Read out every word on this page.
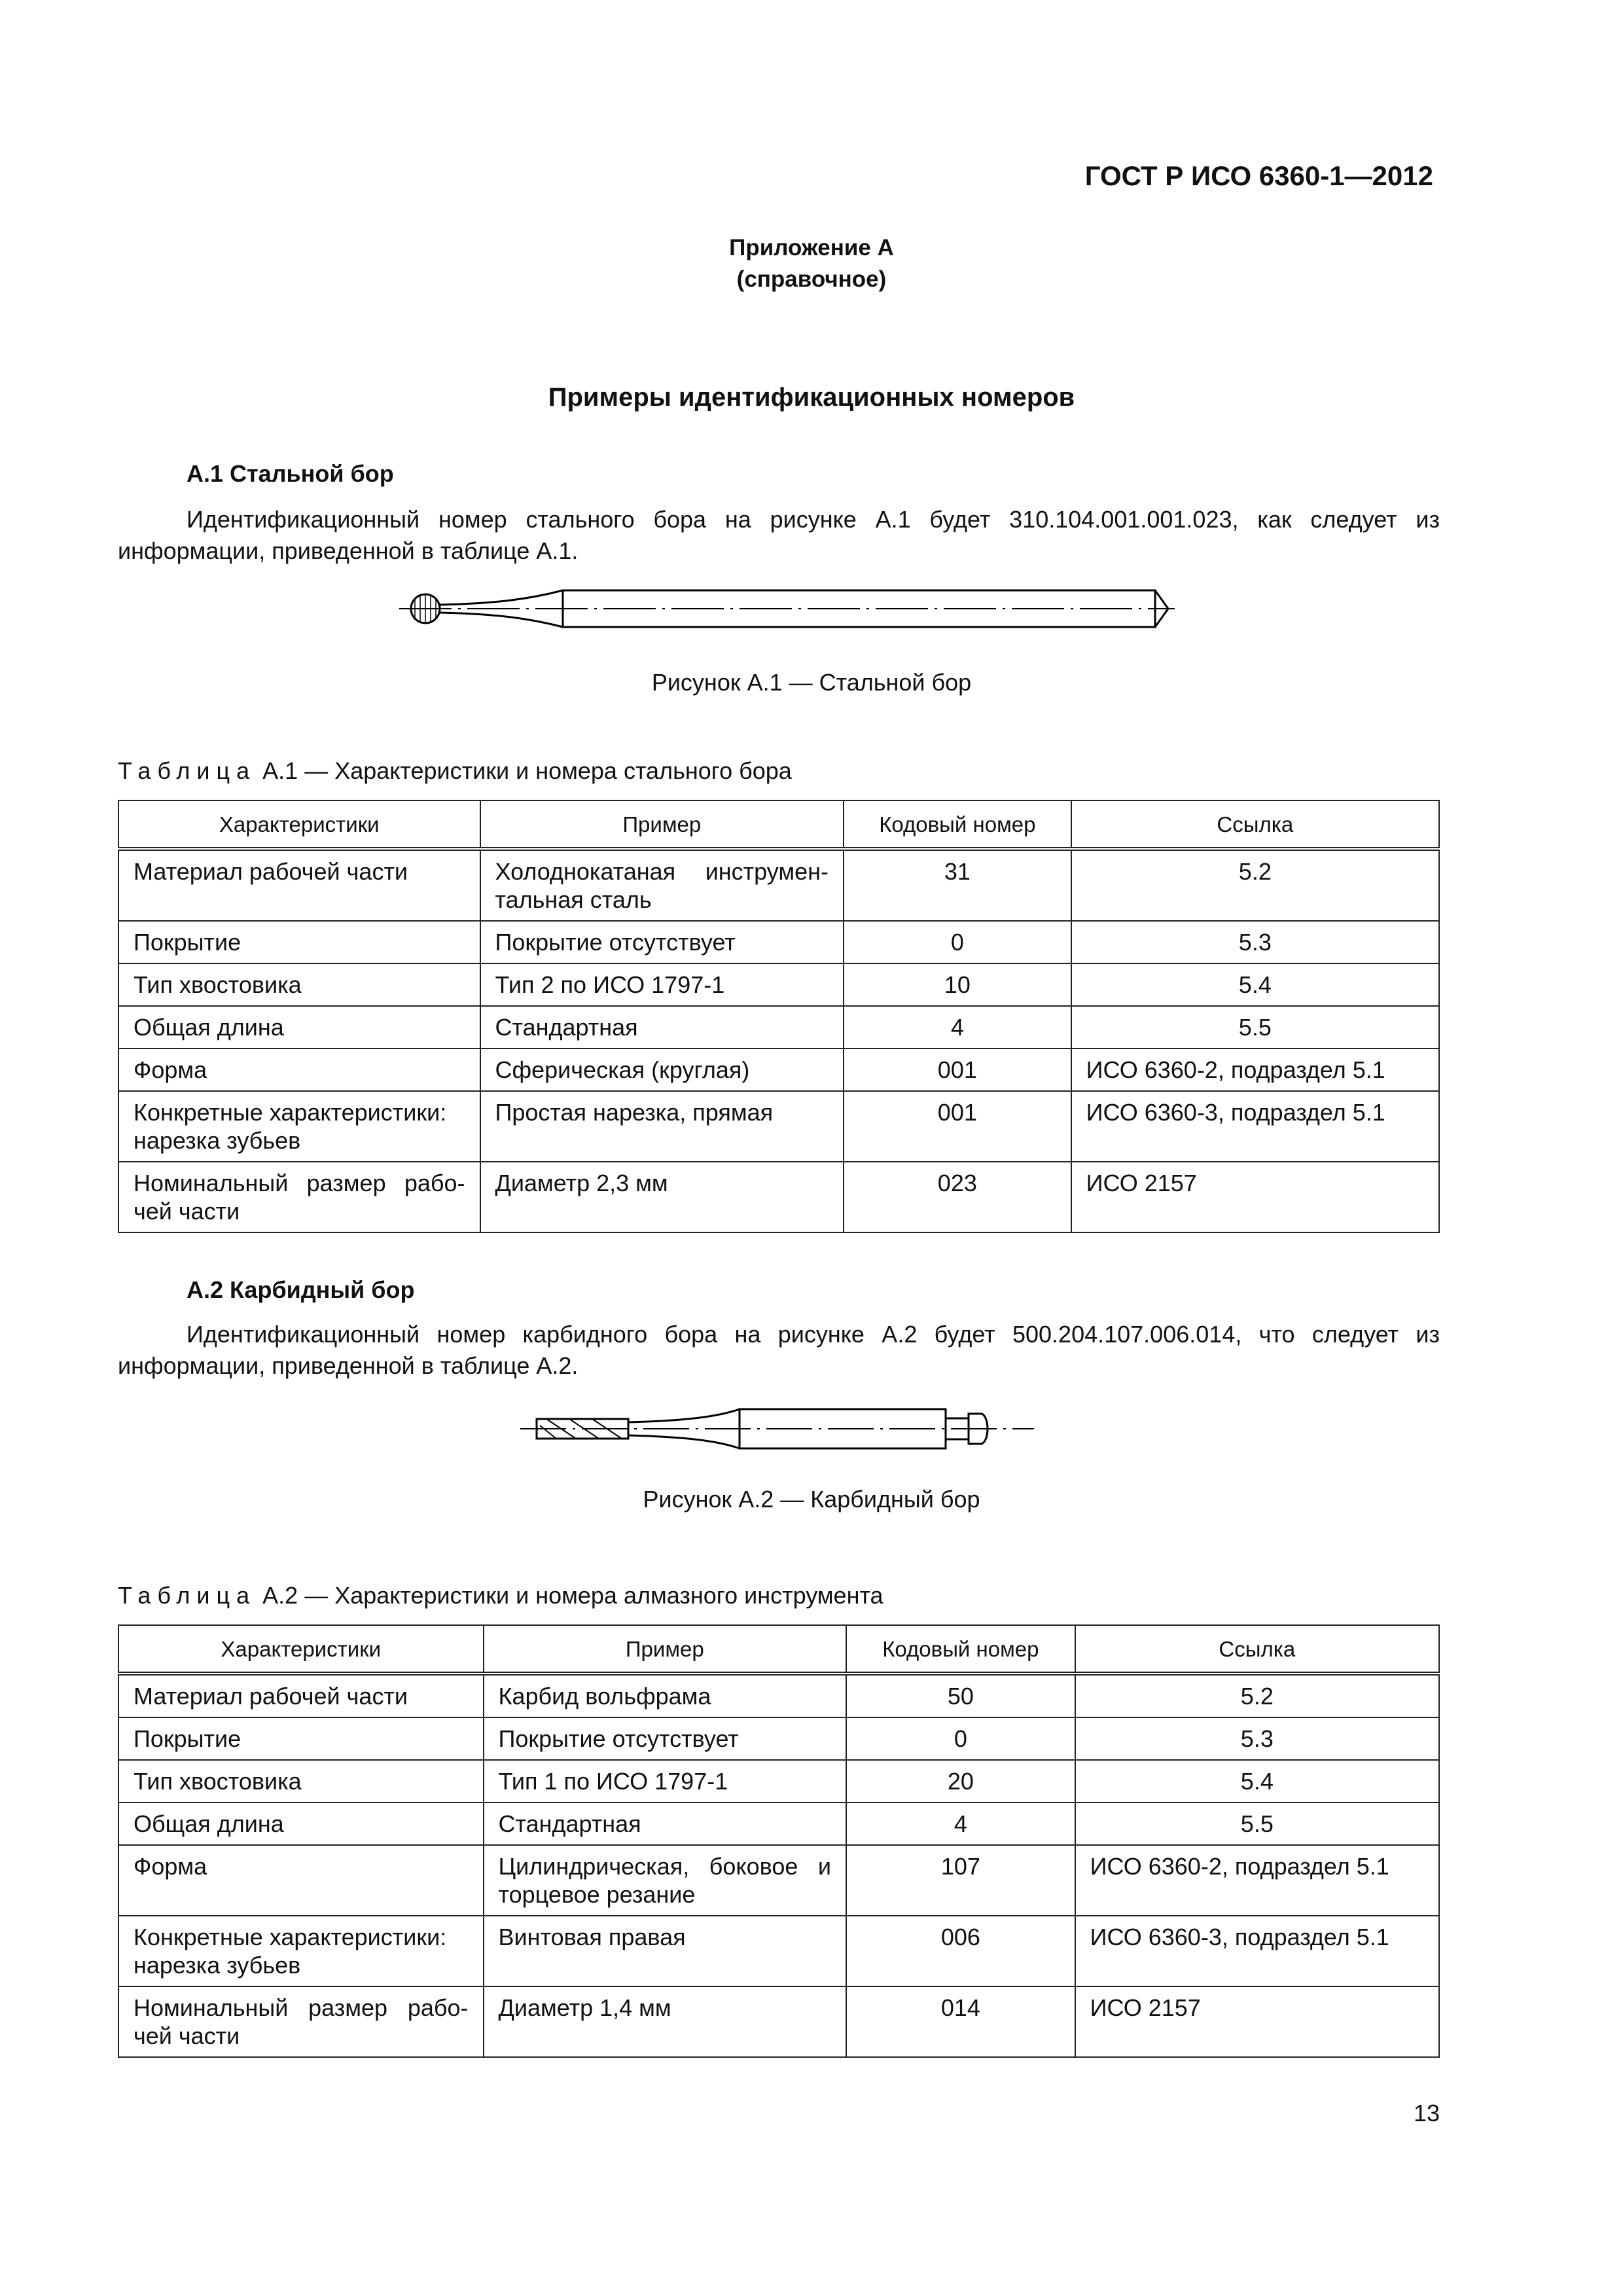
ГОСТ Р ИСО 6360-1—2012
Приложение А
(справочное)
Примеры идентификационных номеров
А.1 Стальной бор

Идентификационный номер стального бора на рисунке А.1 будет 310.104.001.001.023, как следует из информации, приведенной в таблице А.1.

Рисунок А.1 — Стальной бор
Таблица А.1 — Характеристики и номера стального бора
Характеристики	Пример	Кодовый номер	Ссылка
Материал рабочей части	Холоднокатаная инструмен-тальная сталь	31	5.2
Покрытие	Покрытие отсутствует	0	5.3
Тип хвостовика	Тип 2 по ИСО 1797-1	10	5.4
Общая длина	Стандартная	4	5.5
Форма	Сферическая (круглая)	001	ИСО 6360-2, подраздел 5.1
Конкретные характеристики: нарезка зубьев	Простая нарезка, прямая	001	ИСО 6360-3, подраздел 5.1
Номинальный размер рабо-чей части	Диаметр 2,3 мм	023	ИСО 2157
А.2 Карбидный бор

Идентификационный номер карбидного бора на рисунке А.2 будет 500.204.107.006.014, что следует из информации, приведенной в таблице А.2.

Рисунок А.2 — Карбидный бор
Таблица А.2 — Характеристики и номера алмазного инструмента
Характеристики	Пример	Кодовый номер	Ссылка
Материал рабочей части	Карбид вольфрама	50	5.2
Покрытие	Покрытие отсутствует	0	5.3
Тип хвостовика	Тип 1 по ИСО 1797-1	20	5.4
Общая длина	Стандартная	4	5.5
Форма	Цилиндрическая, боковое и торцевое резание	107	ИСО 6360-2, подраздел 5.1
Конкретные характеристики: нарезка зубьев	Винтовая правая	006	ИСО 6360-3, подраздел 5.1
Номинальный размер рабо-чей части	Диаметр 1,4 мм	014	ИСО 2157
13
